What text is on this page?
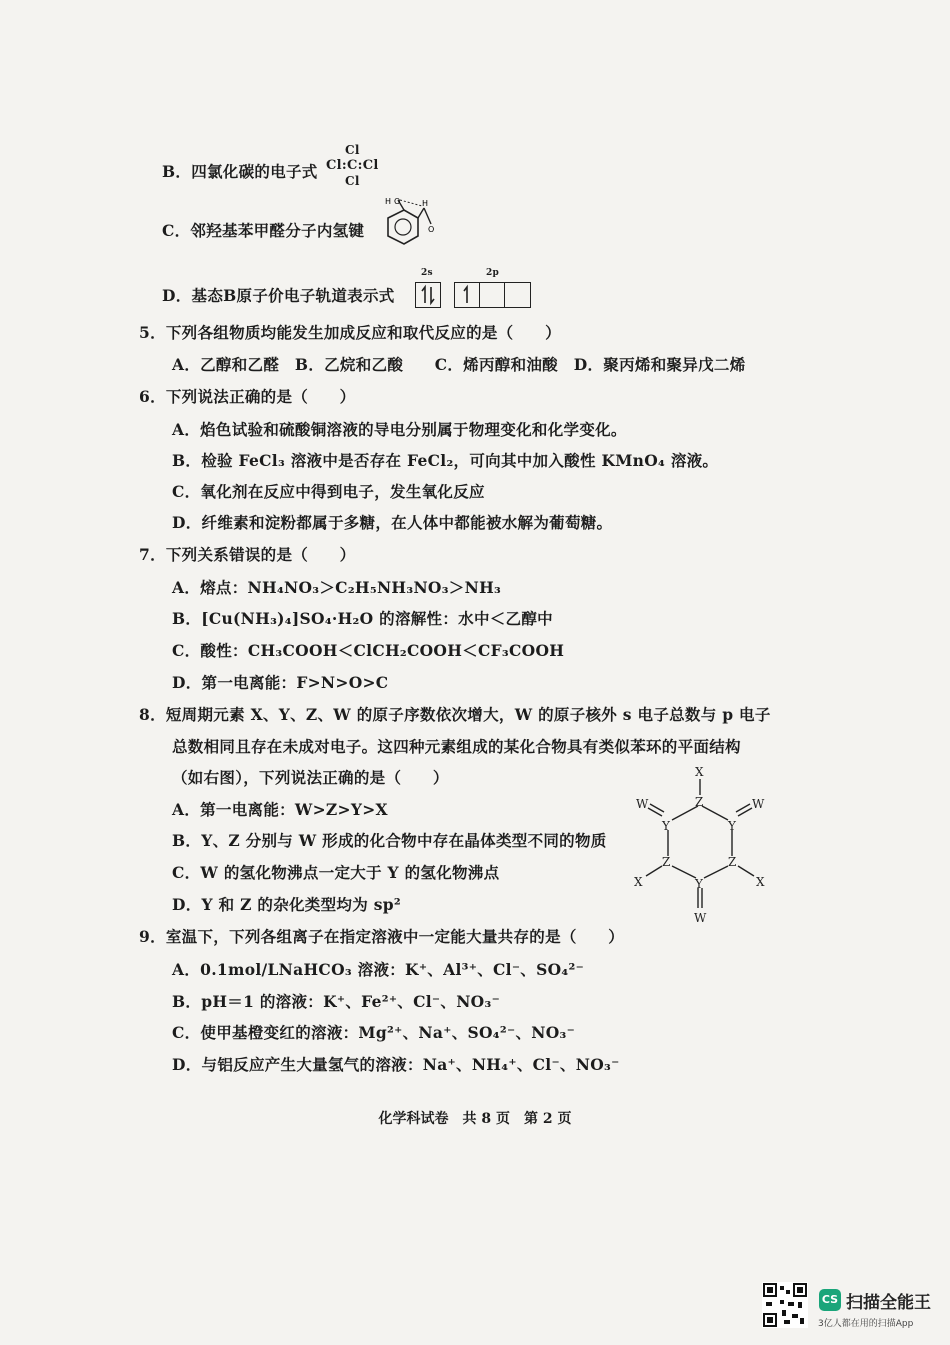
B．四氯化碳的电子式
Cl
Cl:C:Cl
Cl
C．邻羟基苯甲醛分子内氢键
H O	H
O
D．基态B原子价电子轨道表示式
2s	2p
5．下列各组物质均能发生加成反应和取代反应的是（　　）
A．乙醇和乙醛　B．乙烷和乙酸　　C．烯丙醇和油酸　D．聚丙烯和聚异戊二烯
6．下列说法正确的是（　　）
A．焰色试验和硫酸铜溶液的导电分别属于物理变化和化学变化。
B．检验 FeCl₃ 溶液中是否存在 FeCl₂，可向其中加入酸性 KMnO₄ 溶液。
C．氧化剂在反应中得到电子，发生氧化反应
D．纤维素和淀粉都属于多糖，在人体中都能被水解为葡萄糖。
7．下列关系错误的是（　　）
A．熔点：NH₄NO₃＞C₂H₅NH₃NO₃＞NH₃
B．[Cu(NH₃)₄]SO₄·H₂O 的溶解性：水中＜乙醇中
C．酸性：CH₃COOH＜ClCH₂COOH＜CF₃COOH
D．第一电离能：F>N>O>C
8．短周期元素 X、Y、Z、W 的原子序数依次增大，W 的原子核外 s 电子总数与 p 电子
总数相同且存在未成对电子。这四种元素组成的某化合物具有类似苯环的平面结构
（如右图），下列说法正确的是（　　）
A．第一电离能：W>Z>Y>X
B．Y、Z 分别与 W 形成的化合物中存在晶体类型不同的物质
C．W 的氢化物沸点一定大于 Y 的氢化物沸点
D．Y 和 Z 的杂化类型均为 sp²
X
Z
Y	Y
W	W
Z	Z
X	X
Y
W
9．室温下，下列各组离子在指定溶液中一定能大量共存的是（　　）
A．0.1mol/LNaHCO₃ 溶液：K⁺、Al³⁺、Cl⁻、SO₄²⁻
B．pH＝1 的溶液：K⁺、Fe²⁺、Cl⁻、NO₃⁻
C．使甲基橙变红的溶液：Mg²⁺、Na⁺、SO₄²⁻、NO₃⁻
D．与铝反应产生大量氢气的溶液：Na⁺、NH₄⁺、Cl⁻、NO₃⁻
化学科试卷　共 8 页　第 2 页
CS 扫描全能王
3亿人都在用的扫描App
